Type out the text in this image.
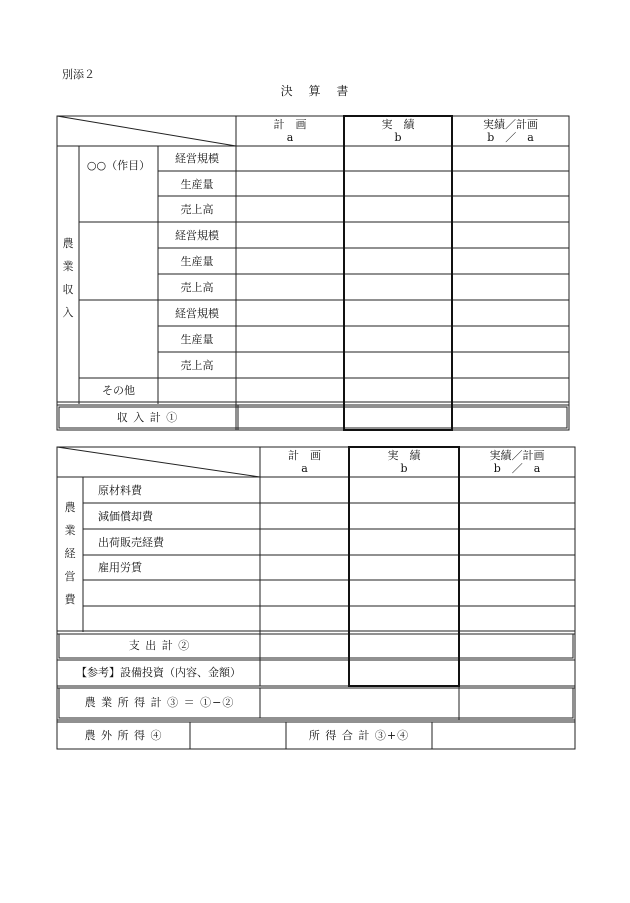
別添２
決 算 書
計　画
a
実　績
b
実績／計画
b　／　a
農
業
収
入
○○（作目）
経営規模
生産量
売上高
経営規模
生産量
売上高
経営規模
生産量
売上高
その他
収 入 計 ①
計　画
a
実　績
b
実績／計画
b　／　a
農
業
経
営
費
原材料費
減価償却費
出荷販売経費
雇用労賃
支 出 計 ②
【参考】設備投資（内容、金額）
農 業 所 得 計 ③ ＝ ①−②
農 外 所 得 ④	所 得 合 計 ③+④
